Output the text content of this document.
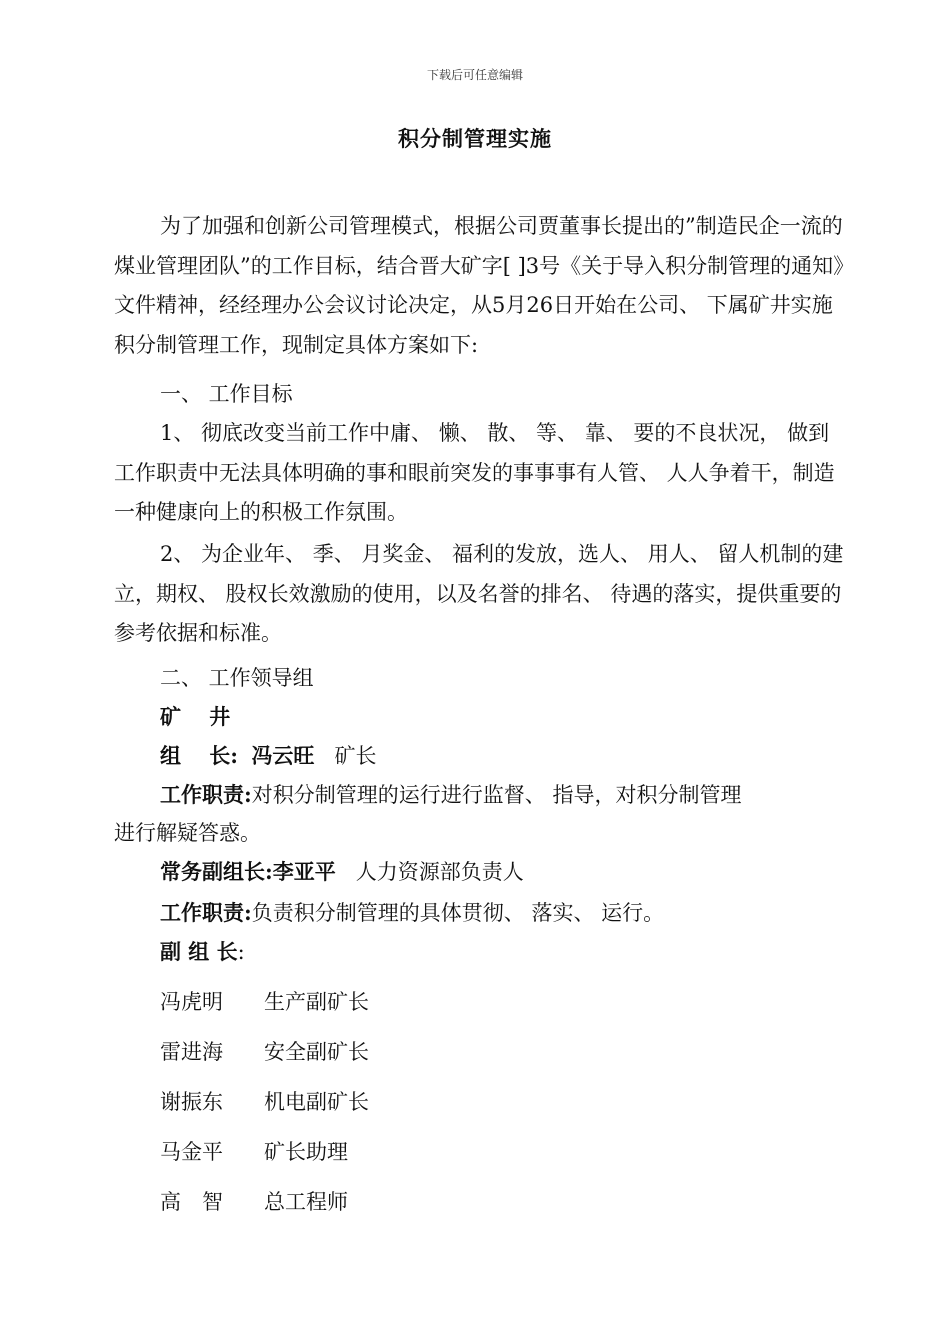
下载后可任意编辑
积分制管理实施
为了加强和创新公司管理模式，根据公司贾董事长提出的”制造民企一流的煤业管理团队”的工作目标，结合晋大矿字[ ]3号《关于导入积分制管理的通知》文件精神，经经理办公会议讨论决定，从5月26日开始在公司、 下属矿井实施积分制管理工作，现制定具体方案如下:
一、 工作目标
1、 彻底改变当前工作中庸、 懒、 散、 等、 靠、 要的不良状况， 做到工作职责中无法具体明确的事和眼前突发的事事事有人管、 人人争着干，制造一种健康向上的积极工作氛围。
2、 为企业年、 季、 月奖金、 福利的发放，选人、 用人、 留人机制的建立，期权、 股权长效激励的使用，以及名誉的排名、 待遇的落实，提供重要的参考依据和标准。
二、 工作领导组
矿　 井
组　 长: 冯云旺 矿长
工作职责:对积分制管理的运行进行监督、 指导，对积分制管理
进行解疑答惑。
常务副组长:李亚平 人力资源部负责人
工作职责:负责积分制管理的具体贯彻、 落实、 运行。
副 组 长:
冯虎明 生产副矿长
雷进海 安全副矿长
谢振东 机电副矿长
马金平 矿长助理
高　智 总工程师
